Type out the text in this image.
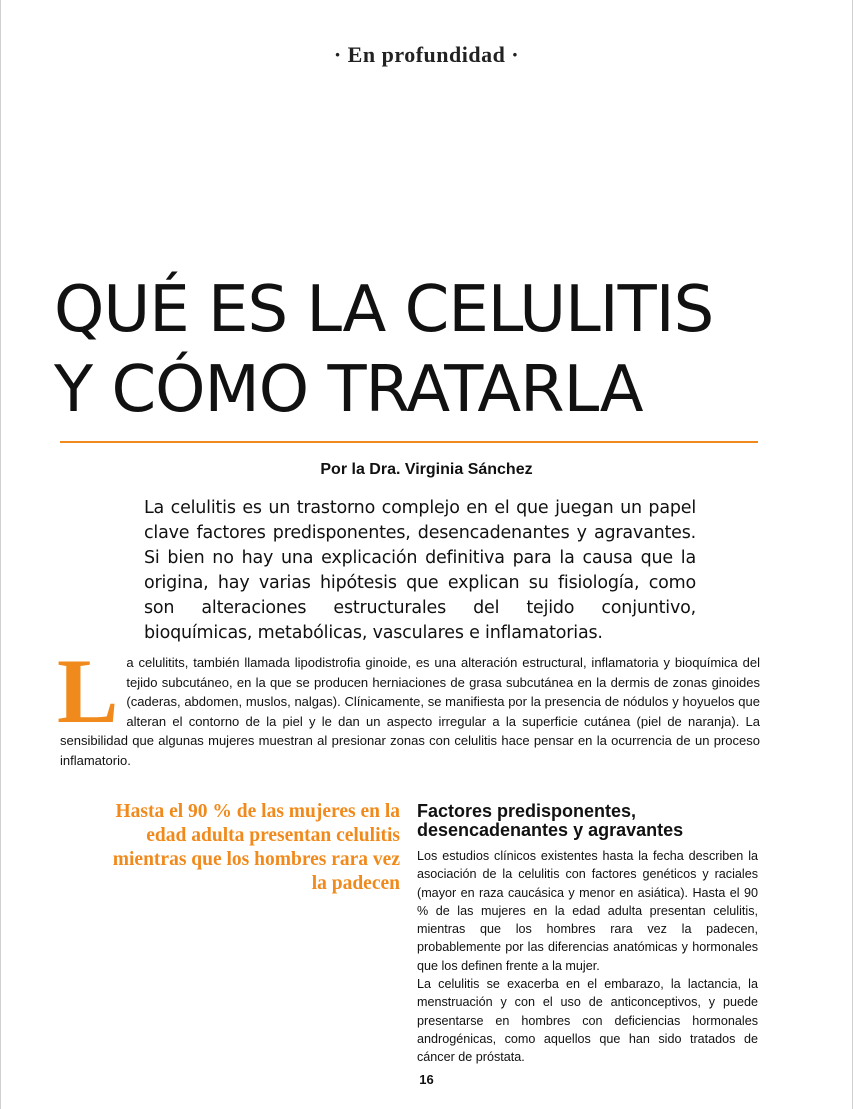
· En profundidad ·
QUÉ ES LA CELULITIS
Y CÓMO TRATARLA
Por la Dra. Virginia Sánchez

La celulitis es un trastorno complejo en el que juegan un papel clave factores predisponentes, desencadenantes y agravantes. Si bien no hay una explicación definitiva para la causa que la origina, hay varias hipótesis que explican su fisiología, como son alteraciones estructurales del tejido conjuntivo, bioquímicas, metabólicas, vasculares e inflamatorias.

La celulitits, también llamada lipodistrofia ginoide, es una alteración estructural, inflamatoria y bioquímica del tejido subcutáneo, en la que se producen herniaciones de grasa subcutánea en la dermis de zonas ginoides (caderas, abdomen, muslos, nalgas). Clínicamente, se manifiesta por la presencia de nódulos y hoyuelos que alteran el contorno de la piel y le dan un aspecto irregular a la superficie cutánea (piel de naranja). La sensibilidad que algunas mujeres muestran al presionar zonas con celulitis hace pensar en la ocurrencia de un proceso inflamatorio.

Hasta el 90 % de las mujeres en la edad adulta presentan celulitis mientras que los hombres rara vez la padecen

Factores predisponentes,
desencadenantes y agravantes

Los estudios clínicos existentes hasta la fecha describen la asociación de la celulitis con factores genéticos y raciales (mayor en raza caucásica y menor en asiática). Hasta el 90 % de las mujeres en la edad adulta presentan celulitis, mientras que los hombres rara vez la padecen, probablemente por las diferencias anatómicas y hormonales que los definen frente a la mujer.

La celulitis se exacerba en el embarazo, la lactancia, la menstruación y con el uso de anticonceptivos, y puede presentarse en hombres con deficiencias hormonales androgénicas, como aquellos que han sido tratados de cáncer de próstata.

16
